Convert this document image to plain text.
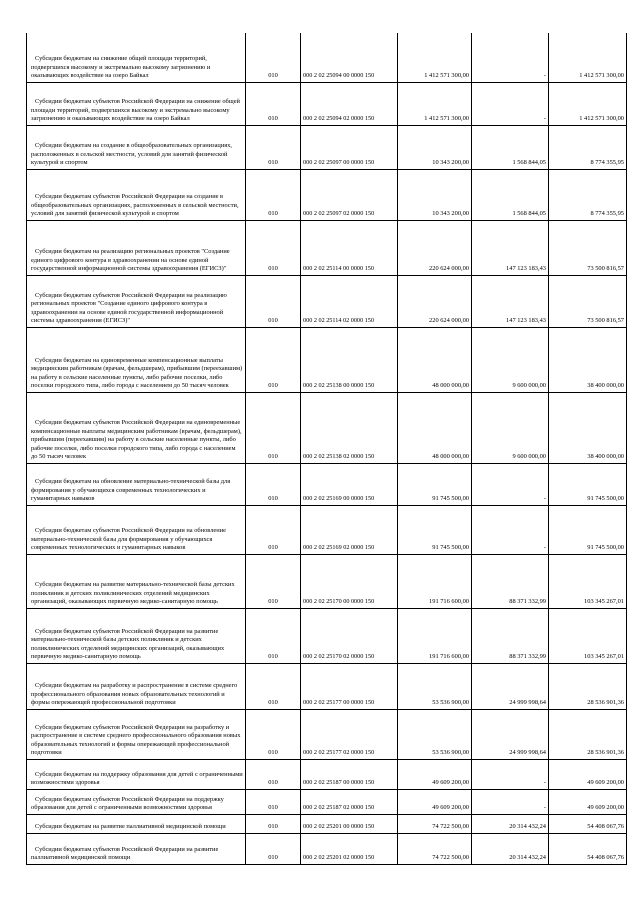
Субсидии бюджетам на снижение общей площади территорий, подвергшихся высокому и экстремально высокому загрязнению и оказывающих воздействие на озеро Байкал	010	000 2 02 25094 00 0000 150	1 412 571 300,00	-	1 412 571 300,00
Субсидии бюджетам субъектов Российской Федерации на снижение общей площади территорий, подвергшихся высокому и экстремально высокому загрязнению и оказывающих воздействие на озеро Байкал	010	000 2 02 25094 02 0000 150	1 412 571 300,00	-	1 412 571 300,00
Субсидии бюджетам на создание в общеобразовательных организациях, расположенных в сельской местности, условий для занятий физической культурой и спортом	010	000 2 02 25097 00 0000 150	10 343 200,00	1 568 844,05	8 774 355,95
Субсидии бюджетам субъектов Российской Федерации на создание в общеобразовательных организациях, расположенных в сельской местности, условий для занятий физической культурой и спортом	010	000 2 02 25097 02 0000 150	10 343 200,00	1 568 844,05	8 774 355,95
Субсидии бюджетам на реализацию региональных проектов "Создание единого цифрового контура в здравоохранении на основе единой государственной информационной системы здравоохранения (ЕГИСЗ)"	010	000 2 02 25114 00 0000 150	220 624 000,00	147 123 183,43	73 500 816,57
Субсидии бюджетам субъектов Российской Федерации на реализацию региональных проектов "Создание единого цифрового контура в здравоохранении на основе единой государственной информационной системы здравоохранения (ЕГИСЗ)"	010	000 2 02 25114 02 0000 150	220 624 000,00	147 123 183,43	73 500 816,57
Субсидии бюджетам на единовременные компенсационные выплаты медицинским работникам (врачам, фельдшерам), прибывшим (переехавшим) на работу в сельские населенные пункты, либо рабочие поселки, либо поселки городского типа, либо города с населением до 50 тысяч человек	010	000 2 02 25138 00 0000 150	48 000 000,00	9 600 000,00	38 400 000,00
Субсидии бюджетам субъектов Российской Федерации на единовременные компенсационные выплаты медицинским работникам (врачам, фельдшерам), прибывшим (переехавшим) на работу в сельские населенные пункты, либо рабочие поселки, либо поселки городского типа, либо города с населением до 50 тысяч человек	010	000 2 02 25138 02 0000 150	48 000 000,00	9 600 000,00	38 400 000,00
Субсидии бюджетам на обновление материально-технической базы для формирования у обучающихся современных технологических и гуманитарных навыков	010	000 2 02 25169 00 0000 150	91 745 500,00	-	91 745 500,00
Субсидии бюджетам субъектов Российской Федерации на обновление материально-технической базы для формирования у обучающихся современных технологических и гуманитарных навыков	010	000 2 02 25169 02 0000 150	91 745 500,00	-	91 745 500,00
Субсидии бюджетам на развитие материально-технической базы детских поликлиник и детских поликлинических отделений медицинских организаций, оказывающих первичную медико-санитарную помощь	010	000 2 02 25170 00 0000 150	191 716 600,00	88 371 332,99	103 345 267,01
Субсидии бюджетам субъектов Российской Федерации на развитие материально-технической базы детских поликлиник и детских поликлинических отделений медицинских организаций, оказывающих первичную медико-санитарную помощь	010	000 2 02 25170 02 0000 150	191 716 600,00	88 371 332,99	103 345 267,01
Субсидии бюджетам на разработку и распространение в системе среднего профессионального образования новых образовательных технологий и формы опережающей профессиональной подготовки	010	000 2 02 25177 00 0000 150	53 536 900,00	24 999 998,64	28 536 901,36
Субсидии бюджетам субъектов Российской Федерации на разработку и распространение в системе среднего профессионального образования новых образовательных технологий и формы опережающей профессиональной подготовки	010	000 2 02 25177 02 0000 150	53 536 900,00	24 999 998,64	28 536 901,36
Субсидии бюджетам на поддержку образования для детей с ограниченными возможностями здоровья	010	000 2 02 25187 00 0000 150	49 609 200,00	-	49 609 200,00
Субсидии бюджетам субъектов Российской Федерации на поддержку образования для детей с ограниченными возможностями здоровья	010	000 2 02 25187 02 0000 150	49 609 200,00	-	49 609 200,00
Субсидии бюджетам на развитие паллиативной медицинской помощи	010	000 2 02 25201 00 0000 150	74 722 500,00	20 314 432,24	54 408 067,76
Субсидии бюджетам субъектов Российской Федерации на развитие паллиативной медицинской помощи	010	000 2 02 25201 02 0000 150	74 722 500,00	20 314 432,24	54 408 067,76
